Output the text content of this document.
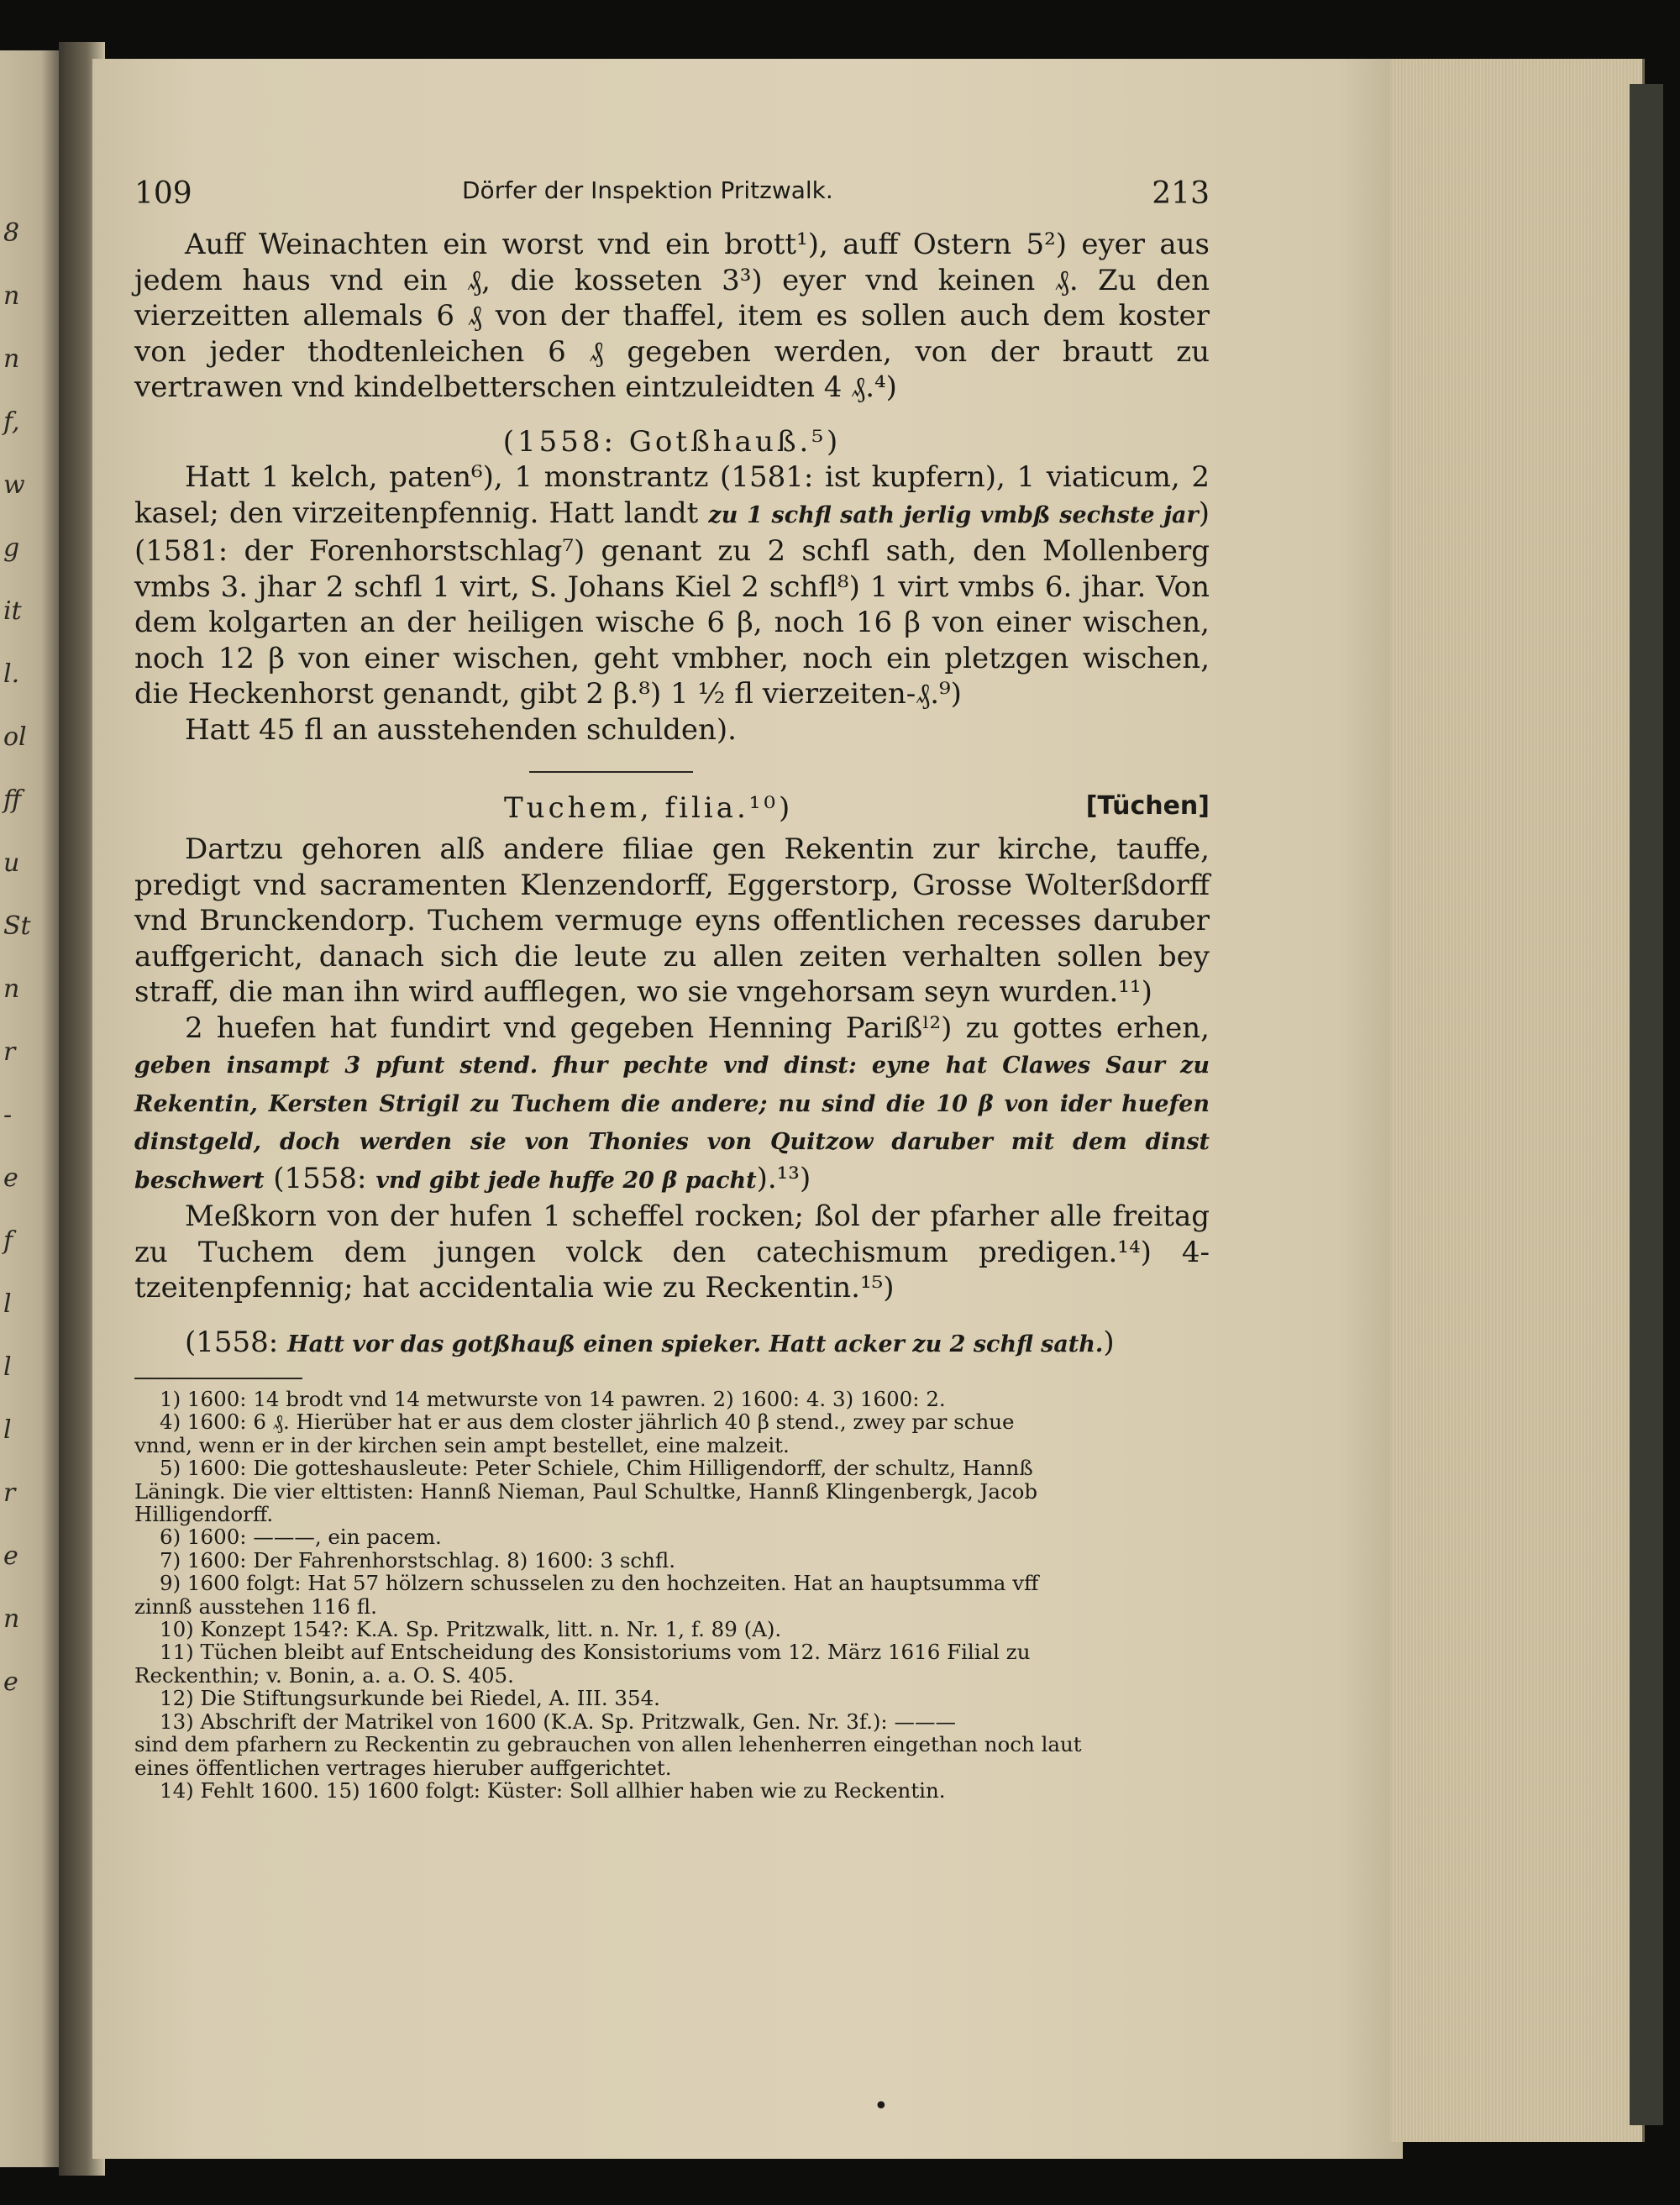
8
n
n
f,
w
g
it
l.
ol
ff
u
St
n
r
-
e
f
l
l
l
r
e
n
e
109	Dörfer der Inspektion Pritzwalk.	213

Auff Weinachten ein worst vnd ein brott¹), auff Ostern 5²) eyer aus jedem haus vnd ein ₰, die kosseten 3³) eyer vnd keinen ₰. Zu den vierzeitten allemals 6 ₰ von der thaffel, item es sollen auch dem koster von jeder thodtenleichen 6 ₰ gegeben werden, von der brautt zu vertrawen vnd kindelbetterschen eintzuleidten 4 ₰.⁴)

(1558: Gotßhauß.⁵)

Hatt 1 kelch, paten⁶), 1 monstrantz (1581: ist kupfern), 1 viaticum, 2 kasel; den virzeitenpfennig. Hatt landt zu 1 schfl sath jerlig vmbß sechste jar) (1581: der Forenhorstschlag⁷) genant zu 2 schfl sath, den Mollenberg vmbs 3. jhar 2 schfl 1 virt, S. Johans Kiel 2 schfl⁸) 1 virt vmbs 6. jhar. Von dem kolgarten an der heiligen wische 6 β, noch 16 β von einer wischen, noch 12 β von einer wischen, geht vmbher, noch ein pletzgen wischen, die Heckenhorst genandt, gibt 2 β.⁸) 1 ½ fl vierzeiten-₰.⁹)

Hatt 45 fl an ausstehenden schulden).

Tuchem, filia.¹⁰)	[Tüchen]

Dartzu gehoren alß andere filiae gen Rekentin zur kirche, tauffe, predigt vnd sacramenten Klenzendorff, Eggerstorp, Grosse Wolterßdorff vnd Brunckendorp. Tuchem vermuge eyns offentlichen recesses daruber auffgericht, danach sich die leute zu allen zeiten verhalten sollen bey straff, die man ihn wird aufflegen, wo sie vngehorsam seyn wurden.¹¹)

2 huefen hat fundirt vnd gegeben Henning Parißˡ²) zu gottes erhen, geben insampt 3 pfunt stend. fhur pechte vnd dinst: eyne hat Clawes Saur zu Rekentin, Kersten Strigil zu Tuchem die andere; nu sind die 10 β von ider huefen dinstgeld, doch werden sie von Thonies von Quitzow daruber mit dem dinst beschwert (1558: vnd gibt jede huffe 20 β pacht).¹³)

Meßkorn von der hufen 1 scheffel rocken; ßol der pfarher alle freitag zu Tuchem dem jungen volck den catechismum predigen.¹⁴) 4-tzeitenpfennig; hat accidentalia wie zu Reckentin.¹⁵)

(1558: Hatt vor das gotßhauß einen spieker. Hatt acker zu 2 schfl sath.)

1) 1600: 14 brodt vnd 14 metwurste von 14 pawren. 2) 1600: 4. 3) 1600: 2.
4) 1600: 6 ₰. Hierüber hat er aus dem closter jährlich 40 β stend., zwey par schue
vnnd, wenn er in der kirchen sein ampt bestellet, eine malzeit.
5) 1600: Die gotteshausleute: Peter Schiele, Chim Hilligendorff, der schultz, Hannß
Läningk. Die vier elttisten: Hannß Nieman, Paul Schultke, Hannß Klingenbergk, Jacob
Hilligendorff.
6) 1600: ———, ein pacem.
7) 1600: Der Fahrenhorstschlag. 8) 1600: 3 schfl.
9) 1600 folgt: Hat 57 hölzern schusselen zu den hochzeiten. Hat an hauptsumma vff
zinnß ausstehen 116 fl.
10) Konzept 154?: K.A. Sp. Pritzwalk, litt. n. Nr. 1, f. 89 (A).
11) Tüchen bleibt auf Entscheidung des Konsistoriums vom 12. März 1616 Filial zu
Reckenthin; v. Bonin, a. a. O. S. 405.
12) Die Stiftungsurkunde bei Riedel, A. III. 354.
13) Abschrift der Matrikel von 1600 (K.A. Sp. Pritzwalk, Gen. Nr. 3f.): ———
sind dem pfarhern zu Reckentin zu gebrauchen von allen lehenherren eingethan noch laut
eines öffentlichen vertrages hieruber auffgerichtet.
14) Fehlt 1600. 15) 1600 folgt: Küster: Soll allhier haben wie zu Reckentin.
•
